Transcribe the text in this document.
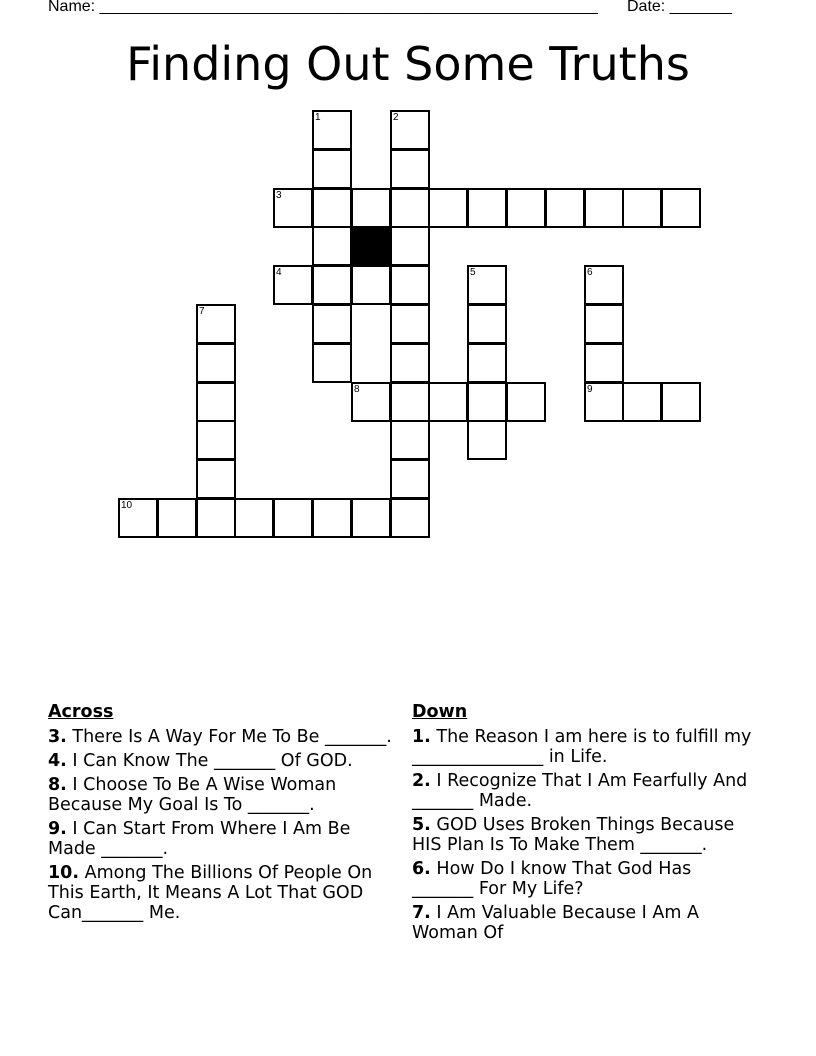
Name: ________________________________________________________ Date: _______
Finding Out Some Truths
1	2
3
4	5	6
7
8	9
10
Across
3. There Is A Way For Me To Be _______.
4. I Can Know The _______ Of GOD.
8. I Choose To Be A Wise Woman Because My Goal Is To _______.
9. I Can Start From Where I Am Be Made _______.
10. Among The Billions Of People On This Earth, It Means A Lot That GOD Can_______ Me.
Down
1. The Reason I am here is to fulfill my _______________ in Life.
2. I Recognize That I Am Fearfully And _______ Made.
5. GOD Uses Broken Things Because HIS Plan Is To Make Them _______.
6. How Do I know That God Has _______ For My Life?
7. I Am Valuable Because I Am A Woman Of
